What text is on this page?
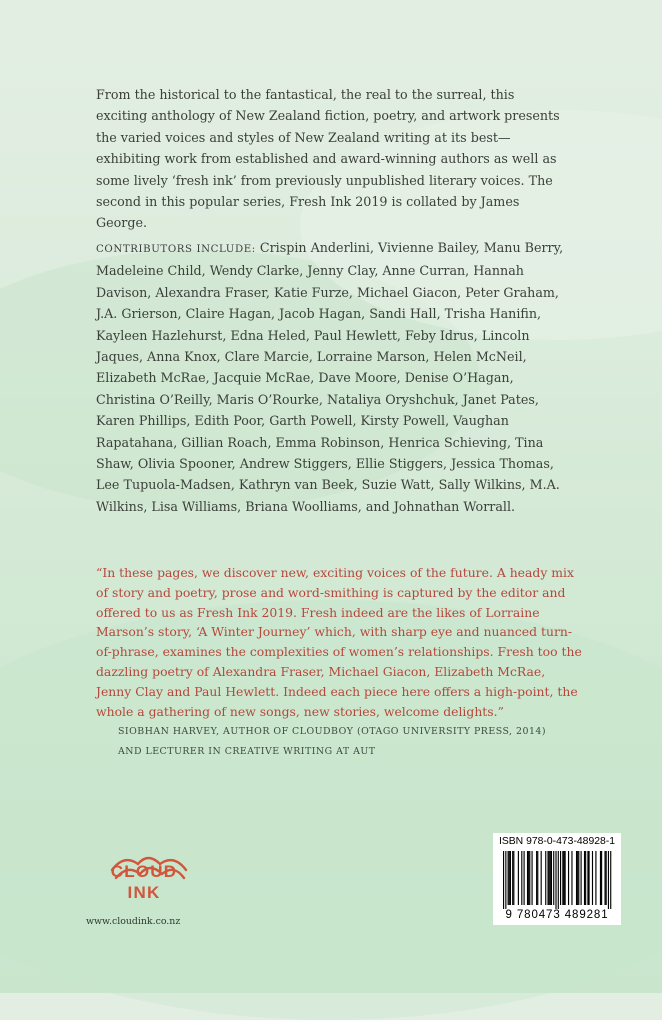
From the historical to the fantastical, the real to the surreal, this exciting anthology of New Zealand fiction, poetry, and artwork presents the varied voices and styles of New Zealand writing at its best—exhibiting work from established and award-winning authors as well as some lively ‘fresh ink’ from previously unpublished literary voices. The second in this popular series, Fresh Ink 2019 is collated by James George.

CONTRIBUTORS INCLUDE: Crispin Anderlini, Vivienne Bailey, Manu Berry, Madeleine Child, Wendy Clarke, Jenny Clay, Anne Curran, Hannah Davison, Alexandra Fraser, Katie Furze, Michael Giacon, Peter Graham, J.A. Grierson, Claire Hagan, Jacob Hagan, Sandi Hall, Trisha Hanifin, Kayleen Hazlehurst, Edna Heled, Paul Hewlett, Feby Idrus, Lincoln Jaques, Anna Knox, Clare Marcie, Lorraine Marson, Helen McNeil, Elizabeth McRae, Jacquie McRae, Dave Moore, Denise O’Hagan, Christina O’Reilly, Maris O’Rourke, Nataliya Oryshchuk, Janet Pates, Karen Phillips, Edith Poor, Garth Powell, Kirsty Powell, Vaughan Rapatahana, Gillian Roach, Emma Robinson, Henrica Schieving, Tina Shaw, Olivia Spooner, Andrew Stiggers, Ellie Stiggers, Jessica Thomas, Lee Tupuola-Madsen, Kathryn van Beek, Suzie Watt, Sally Wilkins, M.A. Wilkins, Lisa Williams, Briana Woolliams, and Johnathan Worrall.

“In these pages, we discover new, exciting voices of the future. A heady mix of story and poetry, prose and word-smithing is captured by the editor and offered to us as Fresh Ink 2019. Fresh indeed are the likes of Lorraine Marson’s story, ‘A Winter Journey’ which, with sharp eye and nuanced turn-of-phrase, examines the complexities of women’s relationships. Fresh too the dazzling poetry of Alexandra Fraser, Michael Giacon, Elizabeth McRae, Jenny Clay and Paul Hewlett. Indeed each piece here offers a high-point, the whole a gathering of new songs, new stories, welcome delights.”

SIOBHAN HARVEY, AUTHOR OF CLOUDBOY (OTAGO UNIVERSITY PRESS, 2014)
AND LECTURER IN CREATIVE WRITING AT AUT
CLOUD
INK
www.cloudink.co.nz
ISBN 978-0-473-48928-1
9 780473 489281
